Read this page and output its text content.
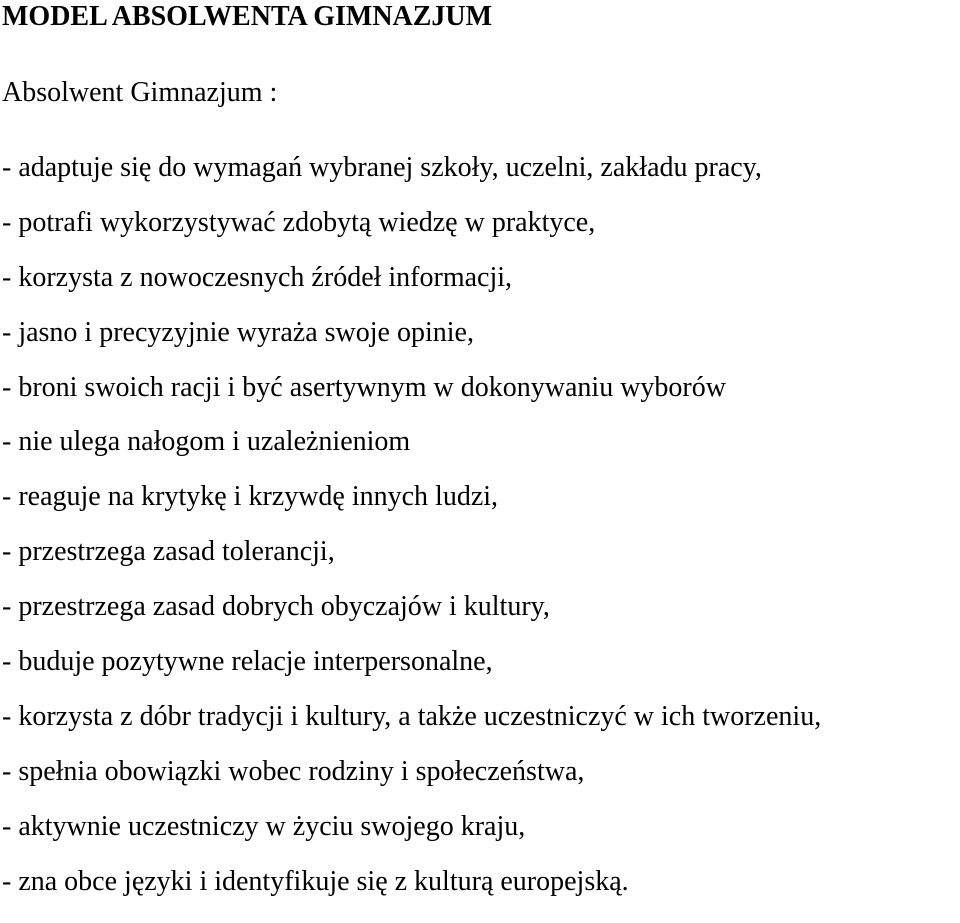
MODEL ABSOLWENTA GIMNAZJUM
Absolwent Gimnazjum :
- adaptuje się do wymagań wybranej szkoły, uczelni, zakładu pracy,
- potrafi wykorzystywać zdobytą wiedzę w praktyce,
- korzysta z nowoczesnych źródeł informacji,
- jasno i precyzyjnie wyraża swoje opinie,
- broni swoich racji i być asertywnym w dokonywaniu wyborów
- nie ulega nałogom i uzależnieniom
- reaguje na krytykę i krzywdę innych ludzi,
- przestrzega zasad tolerancji,
- przestrzega zasad dobrych obyczajów i kultury,
- buduje pozytywne relacje interpersonalne,
- korzysta z dóbr tradycji i kultury, a także uczestniczyć w ich tworzeniu,
- spełnia obowiązki wobec rodziny i społeczeństwa,
- aktywnie uczestniczy w życiu swojego kraju,
- zna obce języki i identyfikuje się z kulturą europejską.
